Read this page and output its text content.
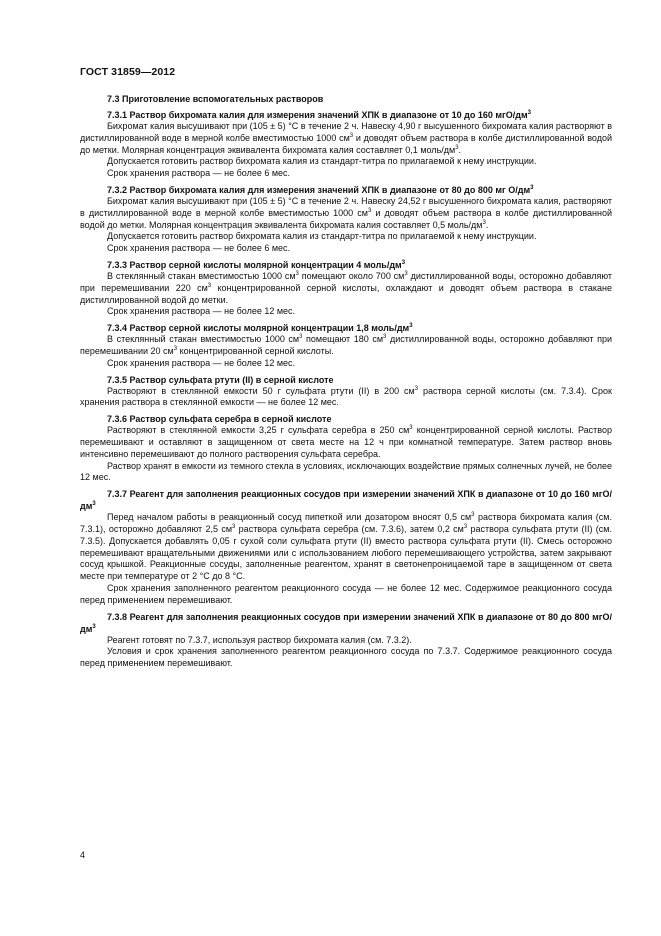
ГОСТ 31859—2012
7.3 Приготовление вспомогательных растворов
7.3.1 Раствор бихромата калия для измерения значений ХПК в диапазоне от 10 до 160 мгО/$дм^3$
Бихромат калия высушивают при (105 ± 5) °С в течение 2 ч. Навеску 4,90 г высушенного бихромата калия растворяют в дистиллированной воде в мерной колбе вместимостью 1000 $см^3$ и доводят объем раствора в колбе дистиллированной водой до метки. Молярная концентрация эквивалента бихромата калия составляет 0,1 моль/$дм^3$.
Допускается готовить раствор бихромата калия из стандарт-титра по прилагаемой к нему инструкции.
Срок хранения раствора — не более 6 мес.
7.3.2 Раствор бихромата калия для измерения значений ХПК в диапазоне от 80 до 800 мг $О/дм^3$
Бихромат калия высушивают при (105 ± 5) °С в течение 2 ч. Навеску 24,52 г высушенного бихромата калия, растворяют в дистиллированной воде в мерной колбе вместимостью 1000 $см^3$ и доводят объем раствора в колбе дистиллированной водой до метки. Молярная концентрация эквивалента бихромата калия составляет 0,5 моль/$дм^3$.
Допускается готовить раствор бихромата калия из стандарт-титра по прилагаемой к нему инструкции.
Срок хранения раствора — не более 6 мес.
7.3.3 Раствор серной кислоты молярной концентрации 4 моль/$дм^3$
В стеклянный стакан вместимостью 1000 $см^3$ помещают около 700 $см^3$ дистиллированной воды, осторожно добавляют при перемешивании 220 $см^3$ концентрированной серной кислоты, охлаждают и доводят объем раствора в стакане дистиллированной водой до метки.
Срок хранения раствора — не более 12 мес.
7.3.4 Раствор серной кислоты молярной концентрации 1,8 моль/$дм^3$
В стеклянный стакан вместимостью 1000 $см^3$ помещают 180 $см^3$ дистиллированной воды, осторожно добавляют при перемешивании 20 $см^3$ концентрированной серной кислоты.
Срок хранения раствора — не более 12 мес.
7.3.5 Раствор сульфата ртути (II) в серной кислоте
Растворяют в стеклянной емкости 50 г сульфата ртути (II) в 200 $см^3$ раствора серной кислоты (см. 7.3.4). Срок хранения раствора в стеклянной емкости — не более 12 мес.
7.3.6 Раствор сульфата серебра в серной кислоте
Растворяют в стеклянной емкости 3,25 г сульфата серебра в 250 $см^3$ концентрированной серной кислоты. Раствор перемешивают и оставляют в защищенном от света месте на 12 ч при комнатной температуре. Затем раствор вновь интенсивно перемешивают до полного растворения сульфата серебра.
Раствор хранят в емкости из темного стекла в условиях, исключающих воздействие прямых солнечных лучей, не более 12 мес.
7.3.7 Реагент для заполнения реакционных сосудов при измерении значений ХПК в диапазоне от 10 до 160 мгО/$дм^3$
Перед началом работы в реакционный сосуд пипеткой или дозатором вносят 0,5 $см^3$ раствора бихромата калия (см. 7.3.1), осторожно добавляют 2,5 $см^3$ раствора сульфата серебра (см. 7.3.6), затем 0,2 $см^3$ раствора сульфата ртути (II) (см. 7.3.5). Допускается добавлять 0,05 г сухой соли сульфата ртути (II) вместо раствора сульфата ртути (II). Смесь осторожно перемешивают вращательными движениями или с использованием любого перемешивающего устройства, затем закрывают сосуд крышкой. Реакционные сосуды, заполненные реагентом, хранят в светонепроницаемой таре в защищенном от света месте при температуре от 2 °С до 8 °С.
Срок хранения заполненного реагентом реакционного сосуда — не более 12 мес. Содержимое реакционного сосуда перед применением перемешивают.
7.3.8 Реагент для заполнения реакционных сосудов при измерении значений ХПК в диапазоне от 80 до 800 мгО/$дм^3$
Реагент готовят по 7.3.7, используя раствор бихромата калия (см. 7.3.2).
Условия и срок хранения заполненного реагентом реакционного сосуда по 7.3.7. Содержимое реакционного сосуда перед применением перемешивают.
4
